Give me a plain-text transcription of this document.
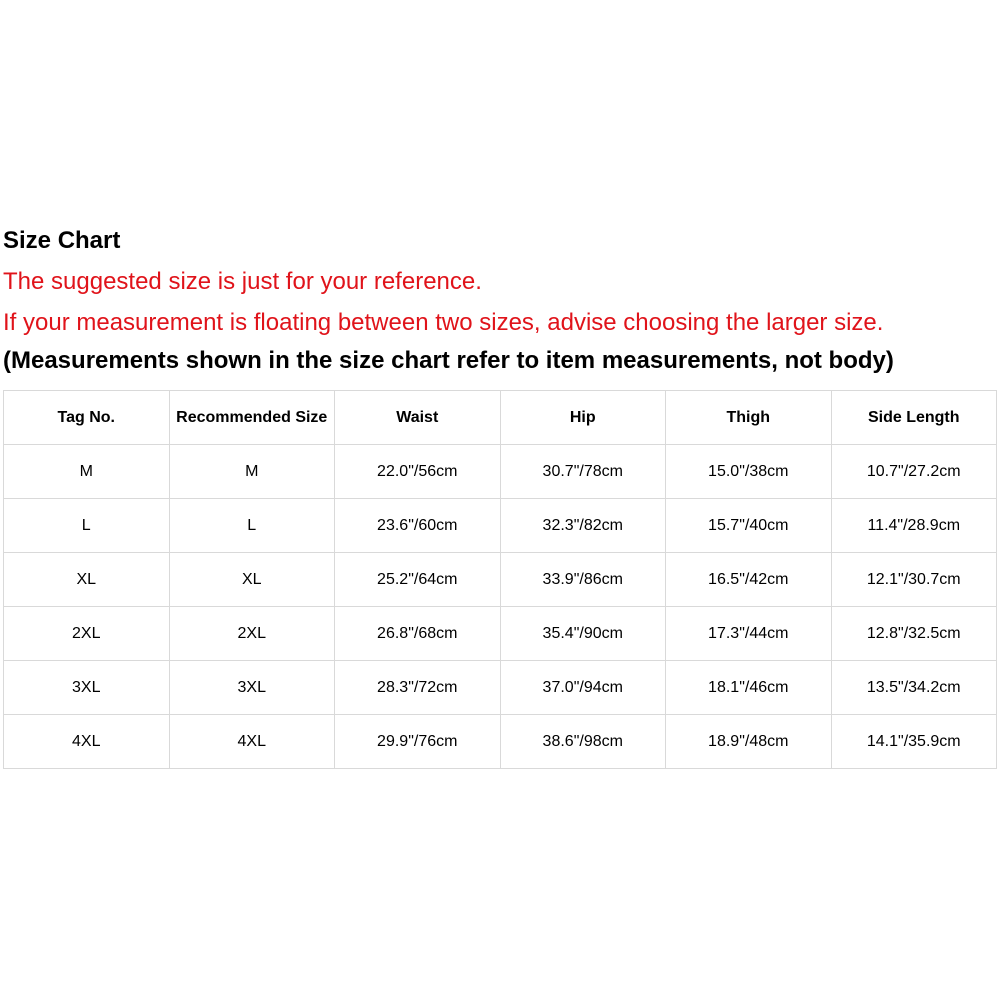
Size Chart
The suggested size is just for your reference.
If your measurement is floating between two sizes, advise choosing the larger size.
(Measurements shown in the size chart refer to item measurements, not body)
Tag No.	Recommended Size	Waist	Hip	Thigh	Side Length
M	M	22.0"/56cm	30.7"/78cm	15.0"/38cm	10.7"/27.2cm
L	L	23.6"/60cm	32.3"/82cm	15.7"/40cm	11.4"/28.9cm
XL	XL	25.2"/64cm	33.9"/86cm	16.5"/42cm	12.1"/30.7cm
2XL	2XL	26.8"/68cm	35.4"/90cm	17.3"/44cm	12.8"/32.5cm
3XL	3XL	28.3"/72cm	37.0"/94cm	18.1"/46cm	13.5"/34.2cm
4XL	4XL	29.9"/76cm	38.6"/98cm	18.9"/48cm	14.1"/35.9cm
